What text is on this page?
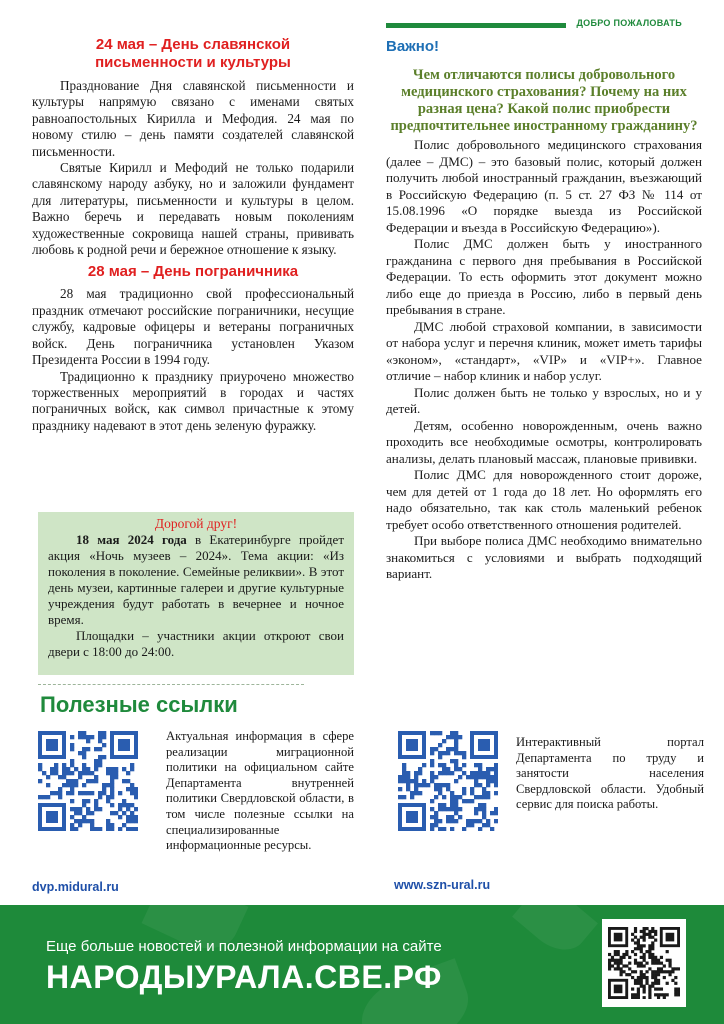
ДОБРО ПОЖАЛОВАТЬ
24 мая – День славянской письменности и культуры

Празднование Дня славянской письменности и культуры напрямую связано с именами святых равноапостольных Кирилла и Мефодия. 24 мая по новому стилю – день памяти создателей славянской письменности.

Святые Кирилл и Мефодий не только подарили славянскому народу азбуку, но и заложили фундамент для литературы, письменности и культуры в целом. Важно беречь и передавать новым поколениям художественные сокровища нашей страны, прививать любовь к родной речи и бережное отношение к языку.

28 мая – День пограничника

28 мая традиционно свой профессиональный праздник отмечают российские пограничники, несущие службу, кадровые офицеры и ветераны пограничных войск. День пограничника установлен Указом Президента России в 1994 году.

Традиционно к празднику приурочено множество торжественных мероприятий в городах и частях пограничных войск, как символ причастные к этому празднику надевают в этот день зеленую фуражку.

Дорогой друг!

18 мая 2024 года в Екатеринбурге пройдет акция «Ночь музеев – 2024». Тема акции: «Из поколения в поколение. Семейные реликвии». В этот день музеи, картинные галереи и другие культурные учреждения будут работать в вечернее и ночное время.

Площадки – участники акции откроют свои двери с 18:00 до 24:00.

Полезные ссылки
Важно!
Чем отличаются полисы добровольного медицинского страхования? Почему на них разная цена? Какой полис приобрести предпочтительнее иностранному гражданину?

Полис добровольного медицинского страхования (далее – ДМС) – это базовый полис, который должен получить любой иностранный гражданин, въезжающий в Российскую Федерацию (п. 5 ст. 27 ФЗ № 114 от 15.08.1996 «О порядке выезда из Российской Федерации и въезда в Российскую Федерацию»).

Полис ДМС должен быть у иностранного гражданина с первого дня пребывания в Российской Федерации. То есть оформить этот документ можно либо еще до приезда в Россию, либо в первый день пребывания в стране.

ДМС любой страховой компании, в зависимости от набора услуг и перечня клиник, может иметь тарифы «эконом», «стандарт», «VIP» и «VIP+». Главное отличие – набор клиник и набор услуг.

Полис должен быть не только у взрослых, но и у детей.

Детям, особенно новорожденным, очень важно проходить все необходимые осмотры, контролировать анализы, делать плановый массаж, плановые прививки.

Полис ДМС для новорожденного стоит дороже, чем для детей от 1 года до 18 лет. Но оформлять его надо обязательно, так как столь маленький ребенок требует особо ответственного отношения родителей.

При выборе полиса ДМС необходимо внимательно знакомиться с условиями и выбрать подходящий вариант.

Актуальная информация в сфере реализации миграционной политики на официальном сайте Департамента внутренней политики Свердловской области, в том числе полезные ссылки на специализированные информационные ресурсы.
dvp.midural.ru
Интерактивный портал Департамента по труду и занятости населения Свердловской области. Удобный сервис для поиска работы.
www.szn-ural.ru
Еще больше новостей и полезной информации на сайте
НАРОДЫУРАЛА.СВЕ.РФ
